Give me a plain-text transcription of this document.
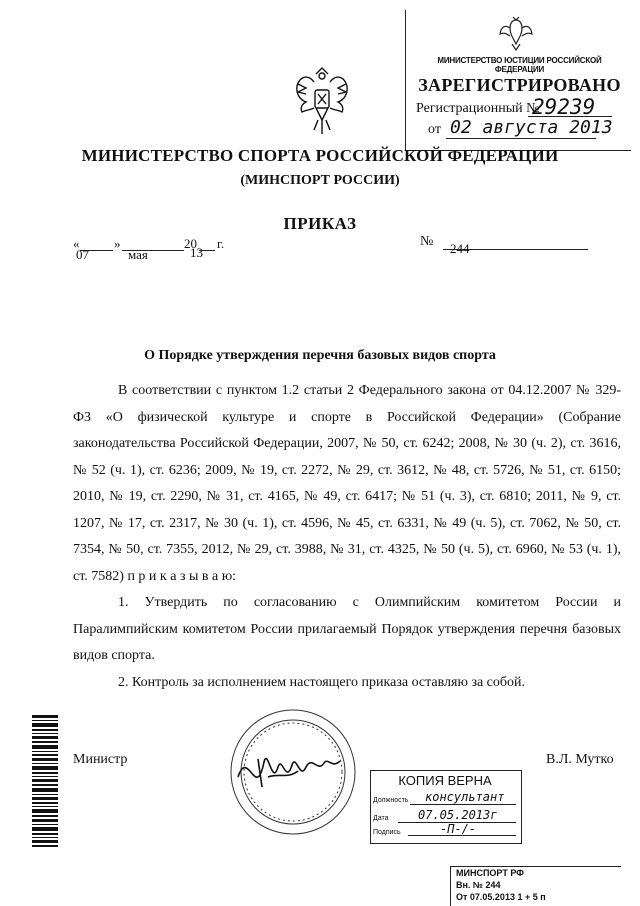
МИНИСТЕРСТВО ЮСТИЦИИ РОССИЙСКОЙ ФЕДЕРАЦИИ
ЗАРЕГИСТРИРОВАНО
Регистрационный №
29239
от 02 августа 2013
МИНИСТЕРСТВО СПОРТА РОССИЙСКОЙ ФЕДЕРАЦИИ
(МИНСПОРТ РОССИИ)
ПРИКАЗ
«	»	20 г.
07	мая	13
№ 244
О Порядке утверждения перечня базовых видов спорта

В соответствии с пунктом 1.2 статьи 2 Федерального закона от 04.12.2007 № 329-ФЗ «О физической культуре и спорте в Российской Федерации» (Собрание законодательства Российской Федерации, 2007, № 50, ст. 6242; 2008, № 30 (ч. 2), ст. 3616, № 52 (ч. 1), ст. 6236; 2009, № 19, ст. 2272, № 29, ст. 3612, № 48, ст. 5726, № 51, ст. 6150; 2010, № 19, ст. 2290, № 31, ст. 4165, № 49, ст. 6417; № 51 (ч. 3), ст. 6810; 2011, № 9, ст. 1207, № 17, ст. 2317, № 30 (ч. 1), ст. 4596, № 45, ст. 6331, № 49 (ч. 5), ст. 7062, № 50, ст. 7354, № 50, ст. 7355, 2012, № 29, ст. 3988, № 31, ст. 4325, № 50 (ч. 5), ст. 6960, № 53 (ч. 1), ст. 7582) п р и к а з ы в а ю:

1. Утвердить по согласованию с Олимпийским комитетом России и Паралимпийским комитетом России прилагаемый Порядок утверждения перечня базовых видов спорта.

2. Контроль за исполнением настоящего приказа оставляю за собой.

Министр	В.Л. Мутко
КОПИЯ ВЕРНА
Должность консультант
Дата 07.05.2013г
Подпись	-П-/-
МИНСПОРТ РФ
Вн. № 244
От 07.05.2013 1 + 5 п
